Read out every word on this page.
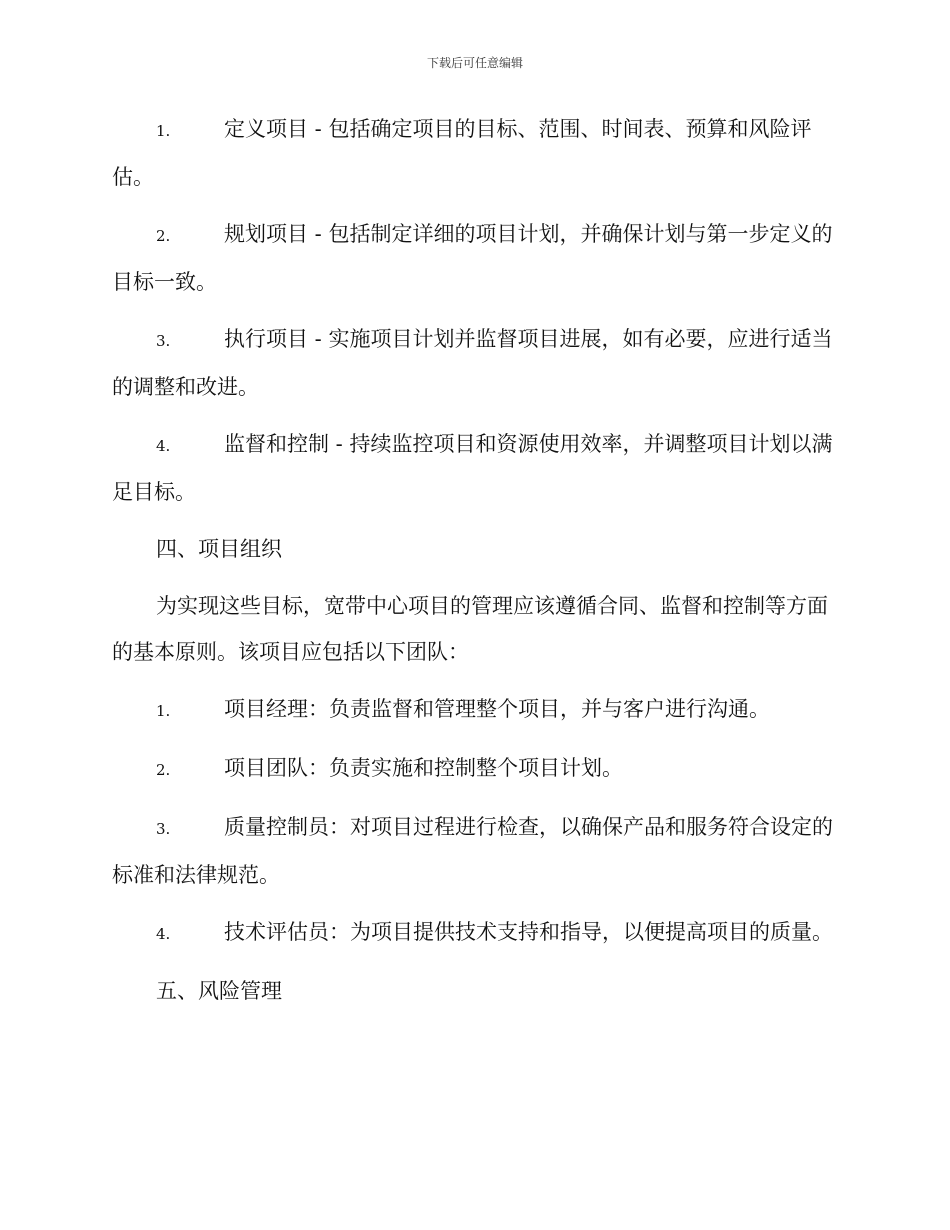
下载后可任意编辑

1.	定义项目 - 包括确定项目的目标、范围、时间表、预算和风险评估。

2.	规划项目 - 包括制定详细的项目计划，并确保计划与第一步定义的目标一致。

3.	执行项目 - 实施项目计划并监督项目进展，如有必要，应进行适当的调整和改进。

4.	监督和控制 - 持续监控项目和资源使用效率，并调整项目计划以满足目标。

四、项目组织

为实现这些目标，宽带中心项目的管理应该遵循合同、监督和控制等方面的基本原则。该项目应包括以下团队：

1.	项目经理：负责监督和管理整个项目，并与客户进行沟通。

2.	项目团队：负责实施和控制整个项目计划。

3.	质量控制员：对项目过程进行检查，以确保产品和服务符合设定的标准和法律规范。

4.	技术评估员：为项目提供技术支持和指导，以便提高项目的质量。

五、风险管理
